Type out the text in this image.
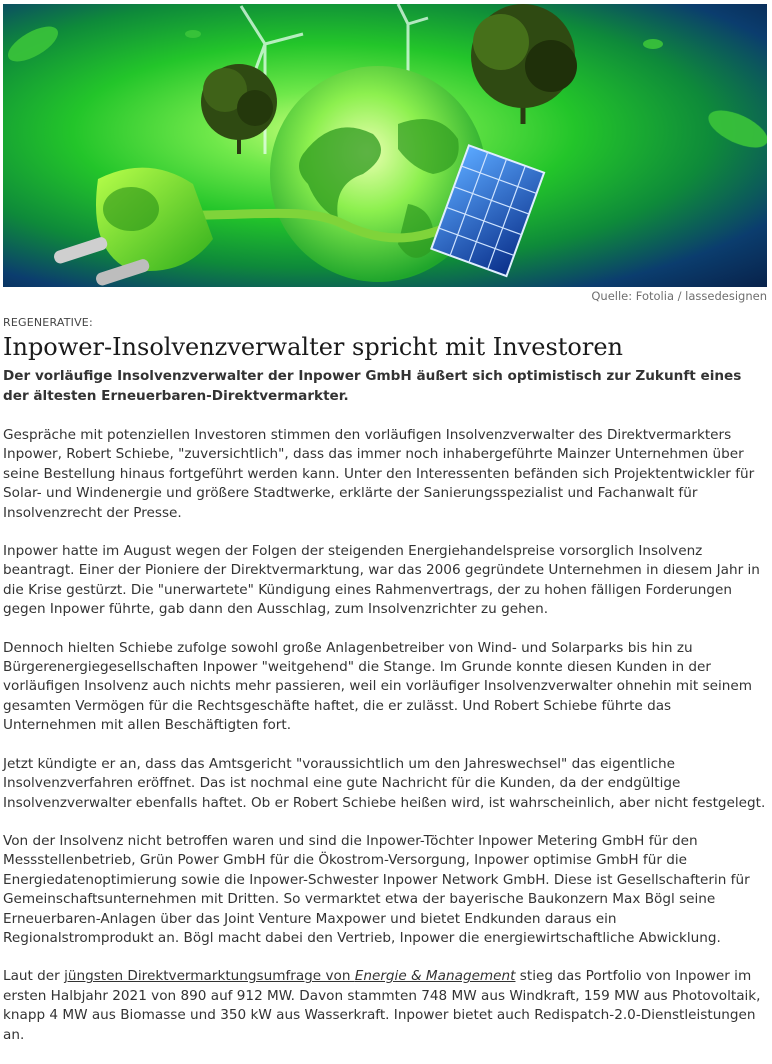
Quelle: Fotolia / lassedesignen
REGENERATIVE:
Inpower-Insolvenzverwalter spricht mit Investoren

Der vorläufige Insolvenzverwalter der Inpower GmbH äußert sich optimistisch zur Zukunft eines der ältesten Erneuerbaren-Direktvermarkter.

Gespräche mit potenziellen Investoren stimmen den vorläufigen Insolvenzverwalter des Direktvermarkters Inpower, Robert Schiebe, "zuversichtlich", dass das immer noch inhabergeführte Mainzer Unternehmen über seine Bestellung hinaus fortgeführt werden kann. Unter den Interessenten befänden sich Projektentwickler für Solar- und Windenergie und größere Stadtwerke, erklärte der Sanierungsspezialist und Fachanwalt für Insolvenzrecht der Presse.

Inpower hatte im August wegen der Folgen der steigenden Energiehandelspreise vorsorglich Insolvenz beantragt. Einer der Pioniere der Direktvermarktung, war das 2006 gegründete Unternehmen in diesem Jahr in die Krise gestürzt. Die "unerwartete" Kündigung eines Rahmenvertrags, der zu hohen fälligen Forderungen gegen Inpower führte, gab dann den Ausschlag, zum Insolvenzrichter zu gehen.

Dennoch hielten Schiebe zufolge sowohl große Anlagenbetreiber von Wind- und Solarparks bis hin zu Bürgerenergiegesellschaften Inpower "weitgehend" die Stange. Im Grunde konnte diesen Kunden in der vorläufigen Insolvenz auch nichts mehr passieren, weil ein vorläufiger Insolvenzverwalter ohnehin mit seinem gesamten Vermögen für die Rechtsgeschäfte haftet, die er zulässt. Und Robert Schiebe führte das Unternehmen mit allen Beschäftigten fort.

Jetzt kündigte er an, dass das Amtsgericht "voraussichtlich um den Jahreswechsel" das eigentliche Insolvenzverfahren eröffnet. Das ist nochmal eine gute Nachricht für die Kunden, da der endgültige Insolvenzverwalter ebenfalls haftet. Ob er Robert Schiebe heißen wird, ist wahrscheinlich, aber nicht festgelegt.

Von der Insolvenz nicht betroffen waren und sind die Inpower-Töchter Inpower Metering GmbH für den Messstellenbetrieb, Grün Power GmbH für die Ökostrom-Versorgung, Inpower optimise GmbH für die Energiedatenoptimierung sowie die Inpower-Schwester Inpower Network GmbH. Diese ist Gesellschafterin für Gemeinschaftsunternehmen mit Dritten. So vermarktet etwa der bayerische Baukonzern Max Bögl seine Erneuerbaren-Anlagen über das Joint Venture Maxpower und bietet Endkunden daraus ein Regionalstromprodukt an. Bögl macht dabei den Vertrieb, Inpower die energiewirtschaftliche Abwicklung.

Laut der jüngsten Direktvermarktungsumfrage von Energie & Management stieg das Portfolio von Inpower im ersten Halbjahr 2021 von 890 auf 912 MW. Davon stammten 748 MW aus Windkraft, 159 MW aus Photovoltaik, knapp 4 MW aus Biomasse und 350 kW aus Wasserkraft. Inpower bietet auch Redispatch-2.0-Dienstleistungen an.
